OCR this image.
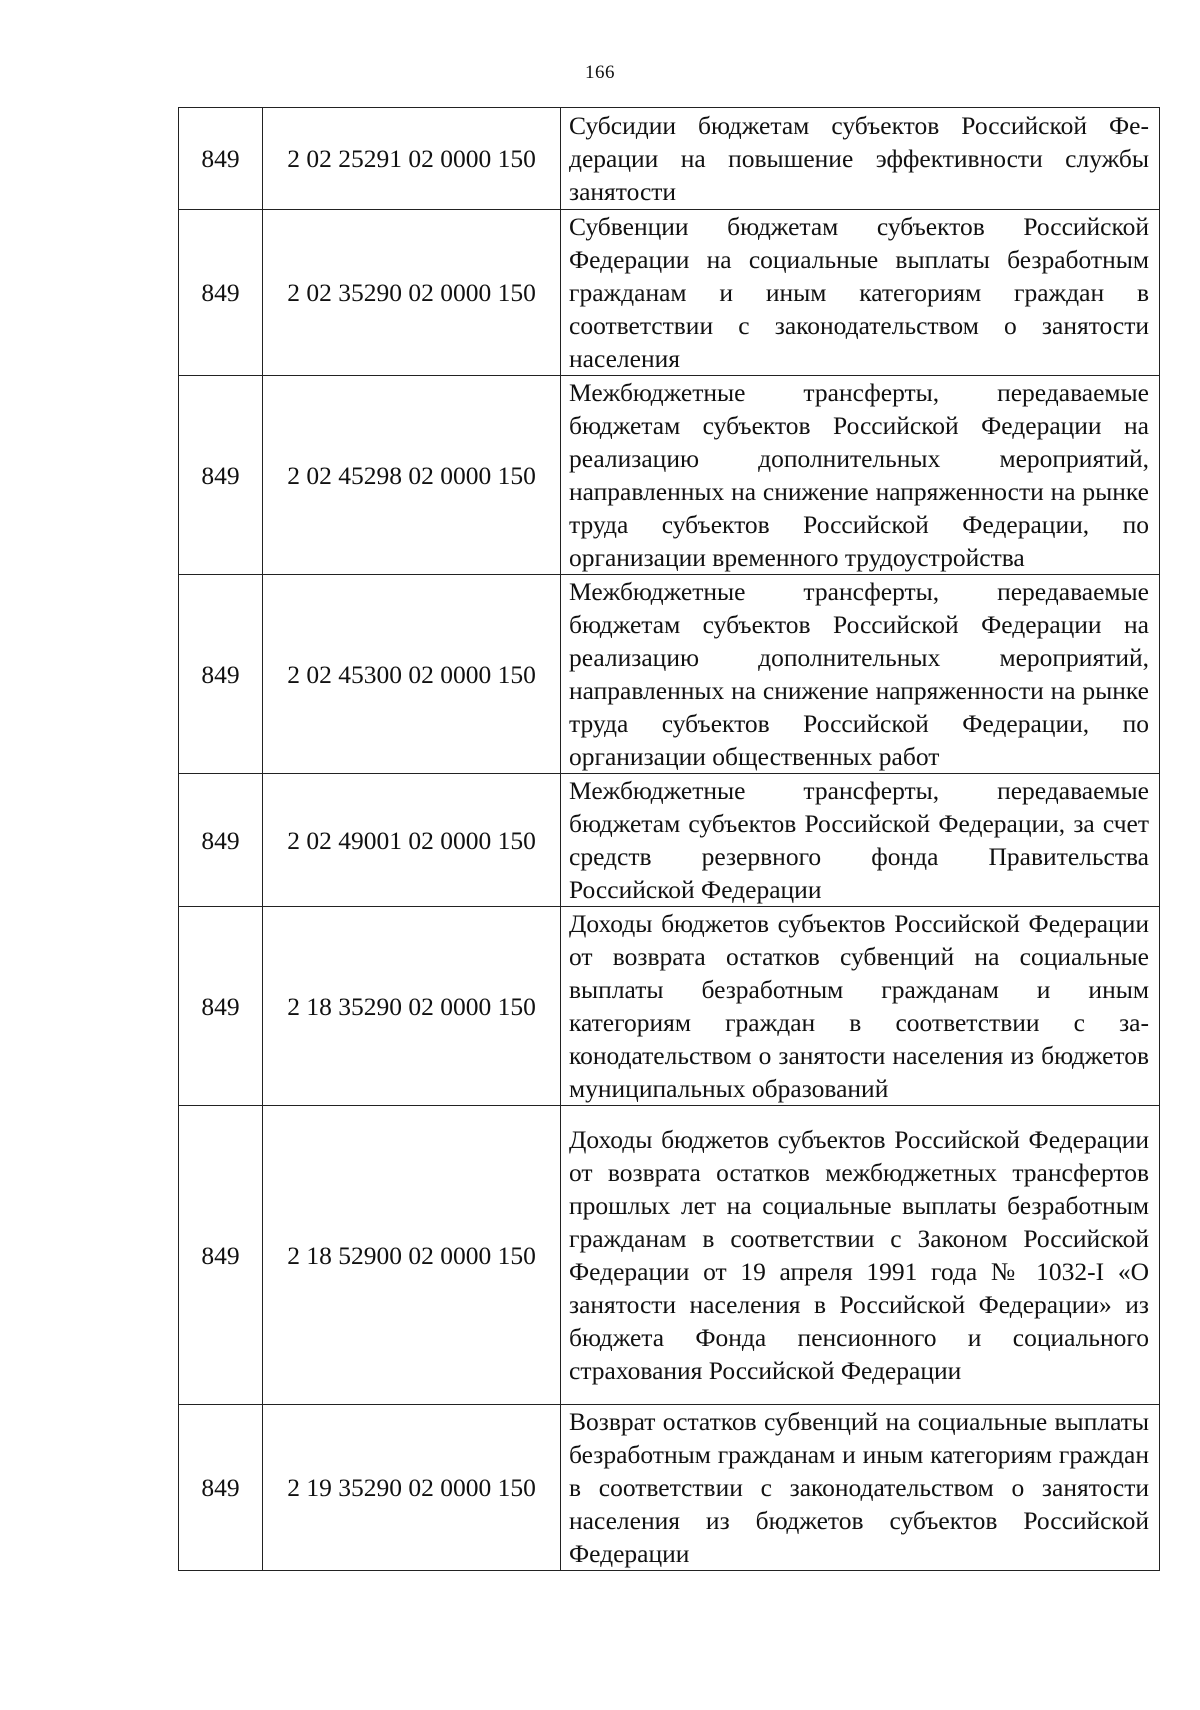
166
849	2 02 25291 02 0000 150	Субсидии бюджетам субъектов Российской Федерации на повышение эффективности службы занятости
849	2 02 35290 02 0000 150	Субвенции бюджетам субъектов Российской Федерации на социальные выплаты безработным гражданам и иным категориям граждан в соответствии с законодательством о занятости населения
849	2 02 45298 02 0000 150	Межбюджетные трансферты, передаваемые бюджетам субъектов Российской Федерации на реализацию дополнительных мероприятий, направленных на снижение напряженности на рынке труда субъектов Российской Федерации, по организации временного трудоустройства
849	2 02 45300 02 0000 150	Межбюджетные трансферты, передаваемые бюджетам субъектов Российской Федерации на реализацию дополнительных мероприятий, направленных на снижение напряженности на рынке труда субъектов Российской Федерации, по организации общественных работ
849	2 02 49001 02 0000 150	Межбюджетные трансферты, передаваемые бюджетам субъектов Российской Федерации, за счет средств резервного фонда Правительства Российской Федерации
849	2 18 35290 02 0000 150	Доходы бюджетов субъектов Российской Федерации от возврата остатков субвенций на социальные выплаты безработным гражданам и иным категориям граждан в соответствии с законодательством о занятости населения из бюджетов муниципальных образований
849	2 18 52900 02 0000 150	Доходы бюджетов субъектов Российской Федерации от возврата остатков межбюджетных трансфертов прошлых лет на социальные выплаты безработным гражданам в соответствии с Законом Российской Федерации от 19 апреля 1991 года № 1032-I «О занятости населения в Российской Федерации» из бюджета Фонда пенсионного и социального страхования Российской Федерации
849	2 19 35290 02 0000 150	Возврат остатков субвенций на социальные выплаты безработным гражданам и иным категориям граждан в соответствии с законодательством о занятости населения из бюджетов субъектов Российской Федерации
